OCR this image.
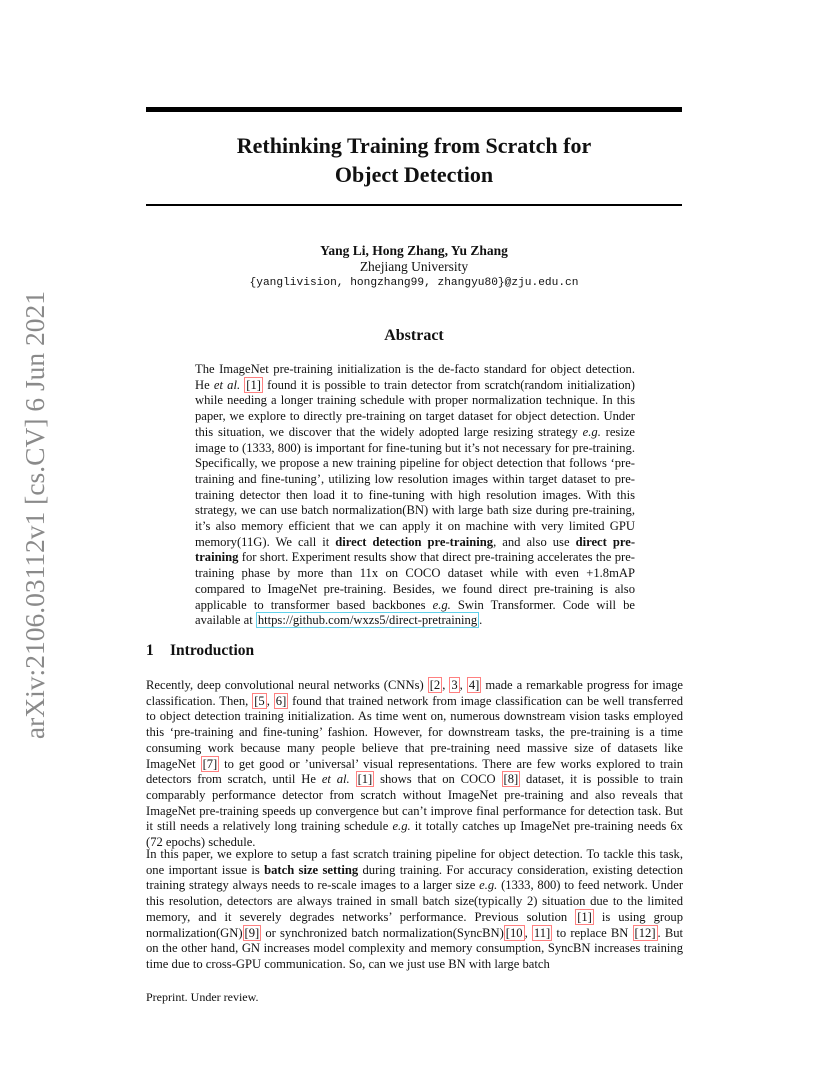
arXiv:2106.03112v1 [cs.CV] 6 Jun 2021
Rethinking Training from Scratch for
Object Detection
Yang Li, Hong Zhang, Yu Zhang
Zhejiang University
{yanglivision, hongzhang99, zhangyu80}@zju.edu.cn
Abstract

The ImageNet pre-training initialization is the de-facto standard for object detection. He et al. [1] found it is possible to train detector from scratch(random initialization) while needing a longer training schedule with proper normalization technique. In this paper, we explore to directly pre-training on target dataset for object detection. Under this situation, we discover that the widely adopted large resizing strategy e.g. resize image to (1333, 800) is important for fine-tuning but it’s not necessary for pre-training. Specifically, we propose a new training pipeline for object detection that follows ‘pre-training and fine-tuning’, utilizing low resolution images within target dataset to pre-training detector then load it to fine-tuning with high resolution images. With this strategy, we can use batch normalization(BN) with large bath size during pre-training, it’s also memory efficient that we can apply it on machine with very limited GPU memory(11G). We call it direct detection pre-training, and also use direct pre-training for short. Experiment results show that direct pre-training accelerates the pre-training phase by more than 11x on COCO dataset while with even +1.8mAP compared to ImageNet pre-training. Besides, we found direct pre-training is also applicable to transformer based backbones e.g. Swin Transformer. Code will be available at https://github.com/wxzs5/direct-pretraining .

1 Introduction

Recently, deep convolutional neural networks (CNNs) [2 , 3 , 4] made a remarkable progress for image classification. Then, [5 , 6] found that trained network from image classification can be well transferred to object detection training initialization. As time went on, numerous downstream vision tasks employed this ‘pre-training and fine-tuning’ fashion. However, for downstream tasks, the pre-training is a time consuming work because many people believe that pre-training need massive size of datasets like ImageNet [7] to get good or ’universal’ visual representations. There are few works explored to train detectors from scratch, until He et al. [1] shows that on COCO [8] dataset, it is possible to train comparably performance detector from scratch without ImageNet pre-training and also reveals that ImageNet pre-training speeds up convergence but can’t improve final performance for detection task. But it still needs a relatively long training schedule e.g. it totally catches up ImageNet pre-training needs 6x (72 epochs) schedule.

In this paper, we explore to setup a fast scratch training pipeline for object detection. To tackle this task, one important issue is batch size setting during training. For accuracy consideration, existing detection training strategy always needs to re-scale images to a larger size e.g. (1333, 800) to feed network. Under this resolution, detectors are always trained in small batch size(typically 2) situation due to the limited memory, and it severely degrades networks’ performance. Previous solution [1] is using group normalization(GN) [9] or synchronized batch normalization(SyncBN) [10 , 11] to replace BN [12] . But on the other hand, GN increases model complexity and memory consumption, SyncBN increases training time due to cross-GPU communication. So, can we just use BN with large batch

Preprint. Under review.
